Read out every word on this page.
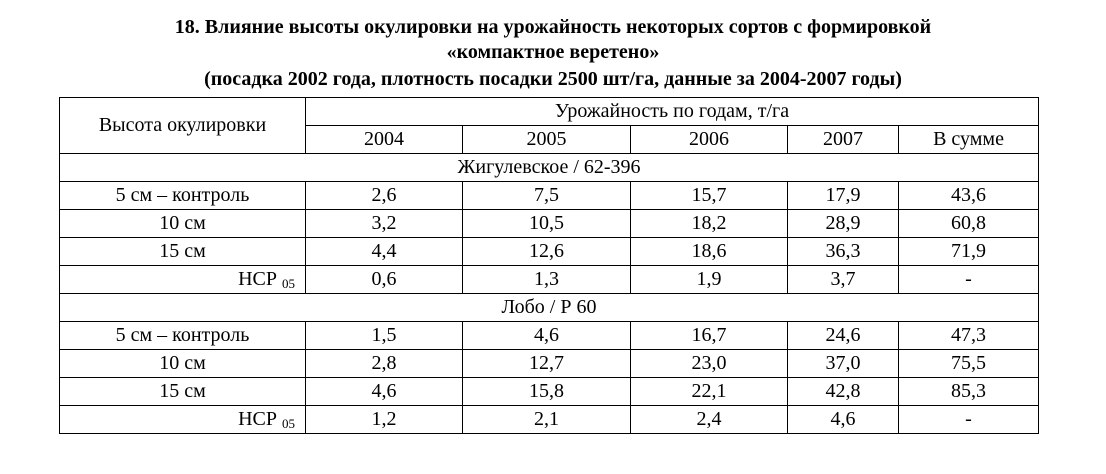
18. Влияние высоты окулировки на урожайность некоторых сортов с формировкой
«компактное веретено»
(посадка 2002 года, плотность посадки 2500 шт/га, данные за 2004-2007 годы)
Высота окулировки	Урожайность по годам, т/га				
	2004	2005	2006	2007	В сумме
Жигулевское / 62-396					
5 см – контроль	2,6	7,5	15,7	17,9	43,6
10 см	3,2	10,5	18,2	28,9	60,8
15 см	4,4	12,6	18,6	36,3	71,9
НСР $_{05}$	0,6	1,3	1,9	3,7	-
Лобо / Р 60					
5 см – контроль	1,5	4,6	16,7	24,6	47,3
10 см	2,8	12,7	23,0	37,0	75,5
15 см	4,6	15,8	22,1	42,8	85,3
НСР $_{05}$	1,2	2,1	2,4	4,6	-
